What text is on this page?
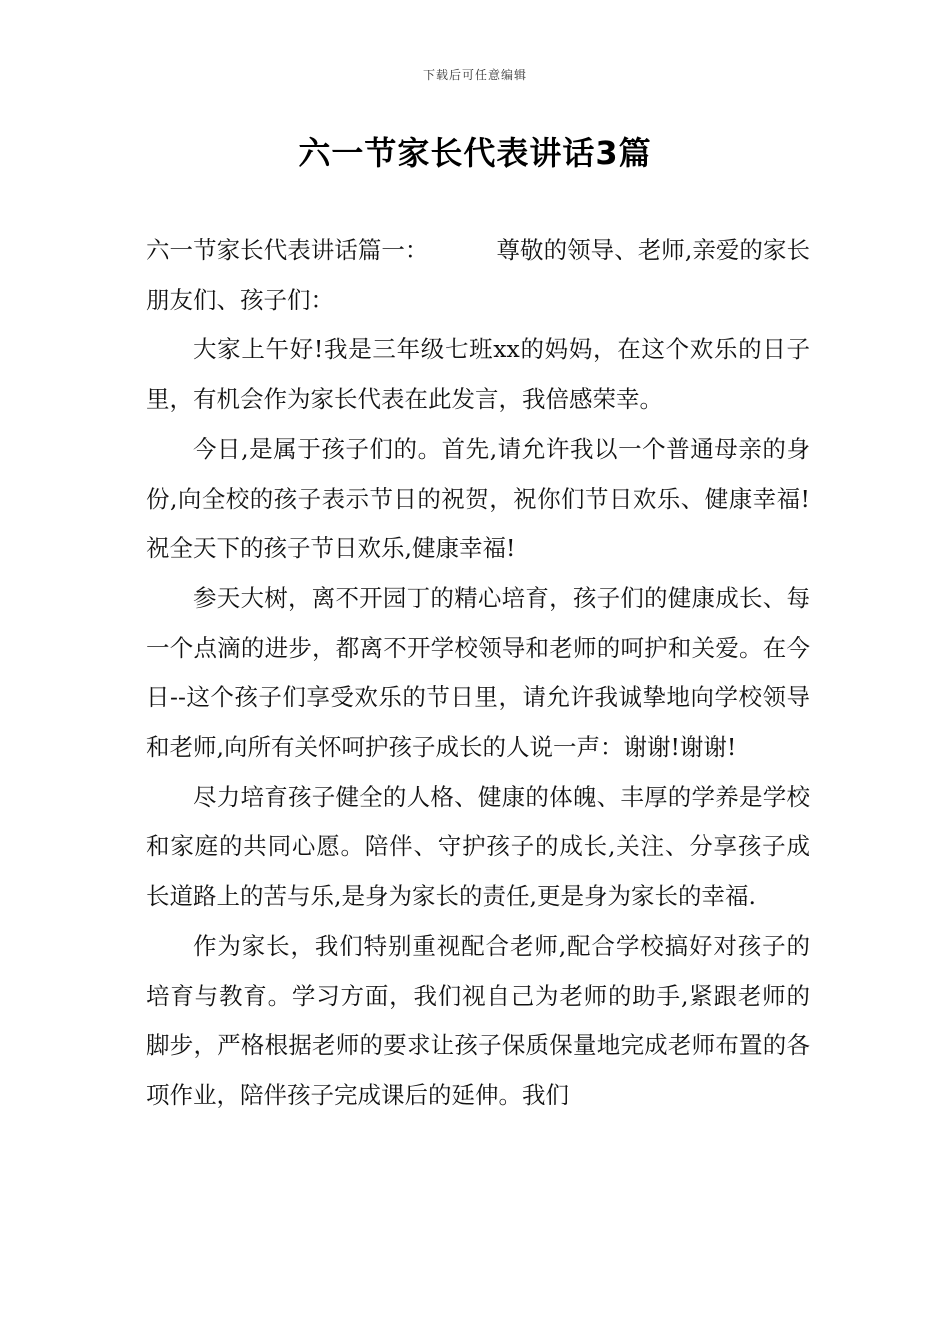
下载后可任意编辑
六一节家长代表讲话3篇

六一节家长代表讲话篇一：	尊敬的领导、老师,亲爱的家长朋友们、孩子们：

大家上午好!我是三年级七班xx的妈妈，在这个欢乐的日子里，有机会作为家长代表在此发言，我倍感荣幸。

今日,是属于孩子们的。首先,请允许我以一个普通母亲的身份,向全校的孩子表示节日的祝贺，祝你们节日欢乐、健康幸福!祝全天下的孩子节日欢乐,健康幸福!

参天大树，离不开园丁的精心培育，孩子们的健康成长、每一个点滴的进步，都离不开学校领导和老师的呵护和关爱。在今日--这个孩子们享受欢乐的节日里，请允许我诚挚地向学校领导和老师,向所有关怀呵护孩子成长的人说一声：谢谢!谢谢!

尽力培育孩子健全的人格、健康的体魄、丰厚的学养是学校和家庭的共同心愿。陪伴、守护孩子的成长,关注、分享孩子成长道路上的苦与乐,是身为家长的责任,更是身为家长的幸福.

作为家长，我们特别重视配合老师,配合学校搞好对孩子的培育与教育。学习方面，我们视自己为老师的助手,紧跟老师的脚步，严格根据老师的要求让孩子保质保量地完成老师布置的各项作业，陪伴孩子完成课后的延伸。我们
